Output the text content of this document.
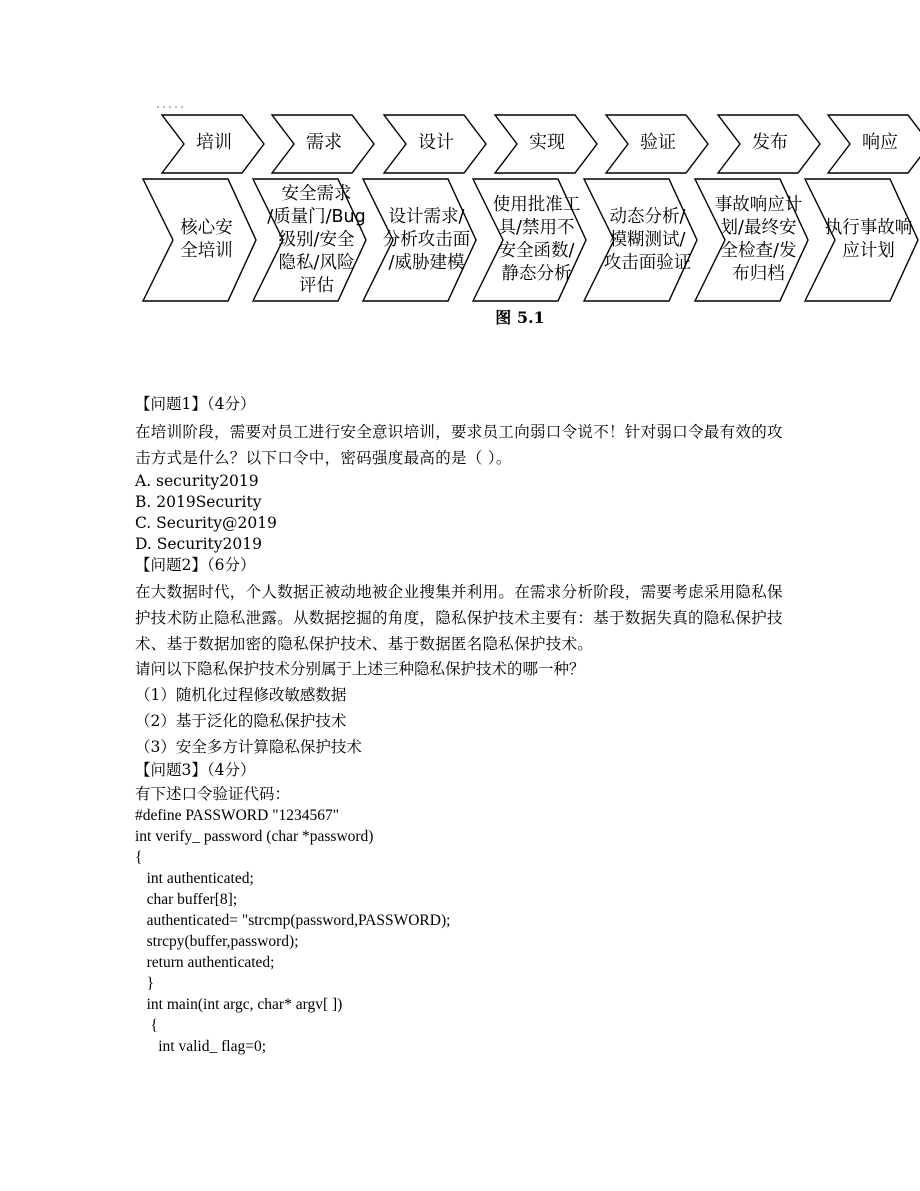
培训	需求	设计	实现	验证	发布	响应
核心安
全培训
安全需求
/质量门/Bug
级别/安全
隐私/风险
评估
设计需求/
分析攻击面
/威胁建模
使用批准工
具/禁用不
安全函数/
静态分析
动态分析/
模糊测试/
攻击面验证
事故响应计
划/最终安
全检查/发
布归档
执行事故响
应计划
图 5.1
【问题1】（4分）
在培训阶段，需要对员工进行安全意识培训，要求员工向弱口令说不！针对弱口令最有效的攻击方式是什么？以下口令中，密码强度最高的是（ ）。
A. security2019
B. 2019Security
C. Security@2019
D. Security2019
【问题2】（6分）
在大数据时代，个人数据正被动地被企业搜集并利用。在需求分析阶段，需要考虑采用隐私保护技术防止隐私泄露。从数据挖掘的角度，隐私保护技术主要有：基于数据失真的隐私保护技术、基于数据加密的隐私保护技术、基于数据匿名隐私保护技术。
请问以下隐私保护技术分别属于上述三种隐私保护技术的哪一种？
（1）随机化过程修改敏感数据
（2）基于泛化的隐私保护技术
（3）安全多方计算隐私保护技术
【问题3】（4分）
有下述口令验证代码：
#define PASSWORD "1234567"
int verify_ password (char *password)
{
int authenticated;
char buffer[8];
authenticated= "strcmp(password,PASSWORD);
strcpy(buffer,password);
return authenticated;
}
int main(int argc, char* argv[ ])
{
int valid_ flag=0;
